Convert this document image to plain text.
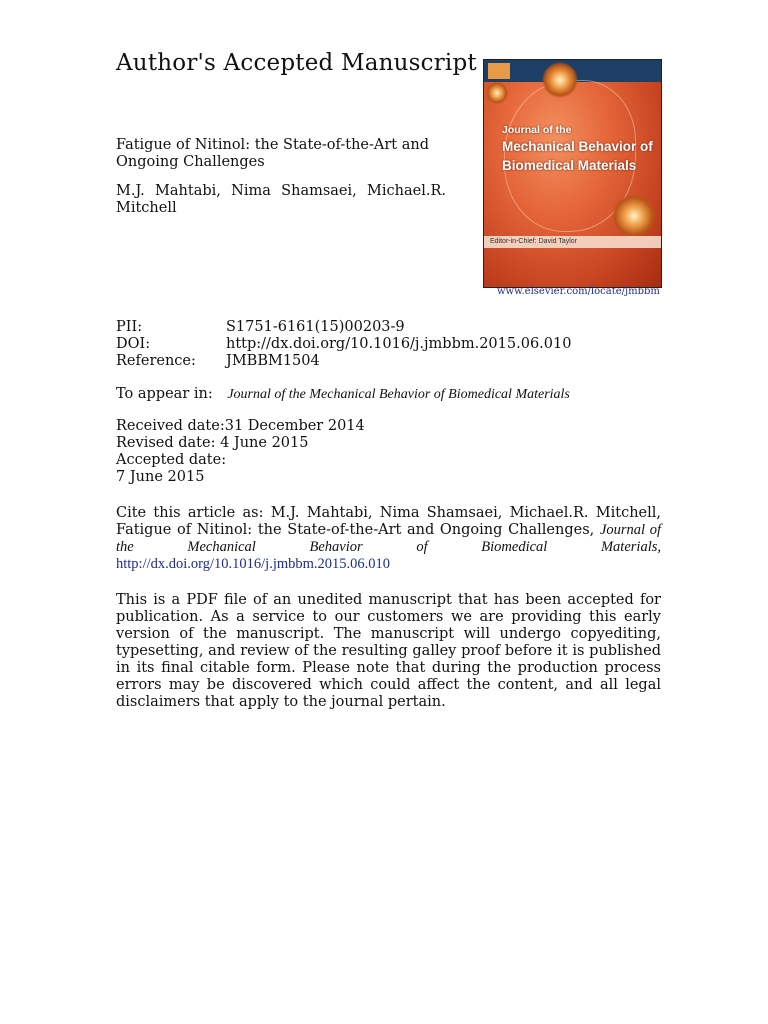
Author's Accepted Manuscript
Fatigue of Nitinol: the State-of-the-Art and Ongoing Challenges
M.J. Mahtabi, Nima Shamsaei, Michael.R. Mitchell
Journal of the
Mechanical Behavior of
Biomedical Materials
Editor-in-Chief: David Taylor
www.elsevier.com/locate/jmbbm
PII:	S1751-6161(15)00203-9
DOI:	http://dx.doi.org/10.1016/j.jmbbm.2015.06.010
Reference:	JMBBM1504
To appear in: Journal of the Mechanical Behavior of Biomedical Materials
Received date:31 December 2014
Revised date: 4 June 2015
Accepted date:
7 June 2015
Cite this article as: M.J. Mahtabi, Nima Shamsaei, Michael.R. Mitchell, Fatigue of Nitinol: the State-of-the-Art and Ongoing Challenges, Journal of the Mechanical Behavior of Biomedical Materials, http://dx.doi.org/10.1016/j.jmbbm.2015.06.010
This is a PDF file of an unedited manuscript that has been accepted for publication. As a service to our customers we are providing this early version of the manuscript. The manuscript will undergo copyediting, typesetting, and review of the resulting galley proof before it is published in its final citable form. Please note that during the production process errors may be discovered which could affect the content, and all legal disclaimers that apply to the journal pertain.
